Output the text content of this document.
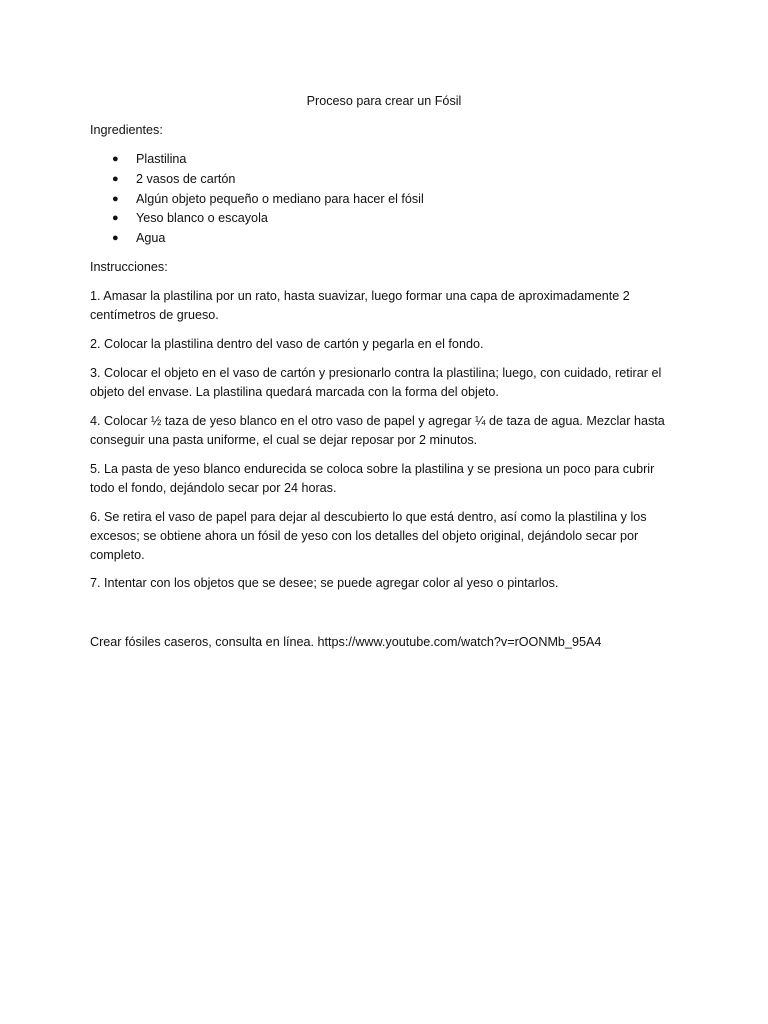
Proceso para crear un Fósil
Ingredientes:
● Plastilina
● 2 vasos de cartón
● Algún objeto pequeño o mediano para hacer el fósil
● Yeso blanco o escayola
● Agua
Instrucciones:
1. Amasar la plastilina por un rato, hasta suavizar, luego formar una capa de aproximadamente 2 centímetros de grueso.
2. Colocar la plastilina dentro del vaso de cartón y pegarla en el fondo.
3. Colocar el objeto en el vaso de cartón y presionarlo contra la plastilina; luego, con cuidado, retirar el objeto del envase. La plastilina quedará marcada con la forma del objeto.
4. Colocar ½ taza de yeso blanco en el otro vaso de papel y agregar ¼ de taza de agua. Mezclar hasta conseguir una pasta uniforme, el cual se dejar reposar por 2 minutos.
5. La pasta de yeso blanco endurecida se coloca sobre la plastilina y se presiona un poco para cubrir todo el fondo, dejándolo secar por 24 horas.
6. Se retira el vaso de papel para dejar al descubierto lo que está dentro, así como la plastilina y los excesos; se obtiene ahora un fósil de yeso con los detalles del objeto original, dejándolo secar por completo.
7. Intentar con los objetos que se desee; se puede agregar color al yeso o pintarlos.
Crear fósiles caseros, consulta en línea. https://www.youtube.com/watch?v=rOONMb_95A4
